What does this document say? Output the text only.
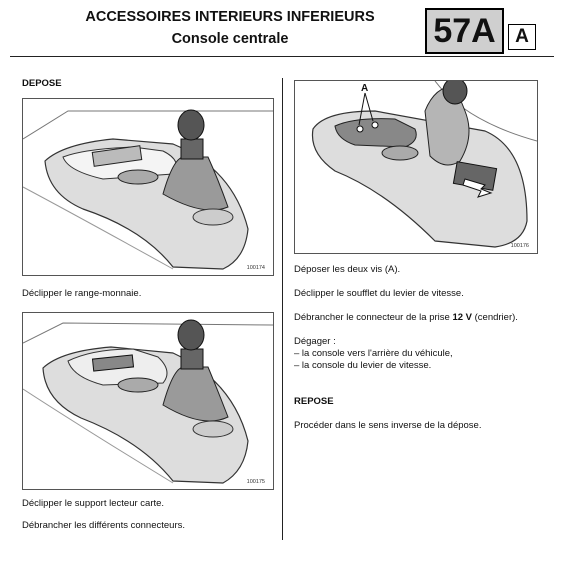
ACCESSOIRES INTERIEURS INFERIEURS
Console centrale	57A	A
DEPOSE
100174
Déclipper le range-monnaie.
100175
Déclipper le support lecteur carte.
Débrancher les différents connecteurs.
A
100176
Déposer les deux vis (A).
Déclipper le soufflet du levier de vitesse.
Débrancher le connecteur de la prise 12 V (cendrier).
Dégager :
– la console vers l'arrière du véhicule,
– la console du levier de vitesse.
REPOSE
Procéder dans le sens inverse de la dépose.
